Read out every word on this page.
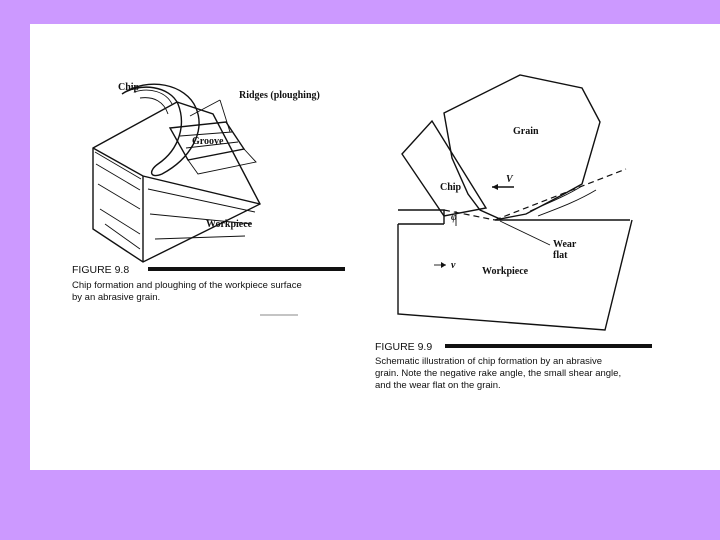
Chip
Ridges (ploughing)
Groove
Workpiece
FIGURE 9.8
Chip formation and ploughing of the workpiece surface
by an abrasive grain.
φ
V
v
Grain
Chip
Wear
flat
Workpiece
FIGURE 9.9
Schematic illustration of chip formation by an abrasive
grain. Note the negative rake angle, the small shear angle,
and the wear flat on the grain.
